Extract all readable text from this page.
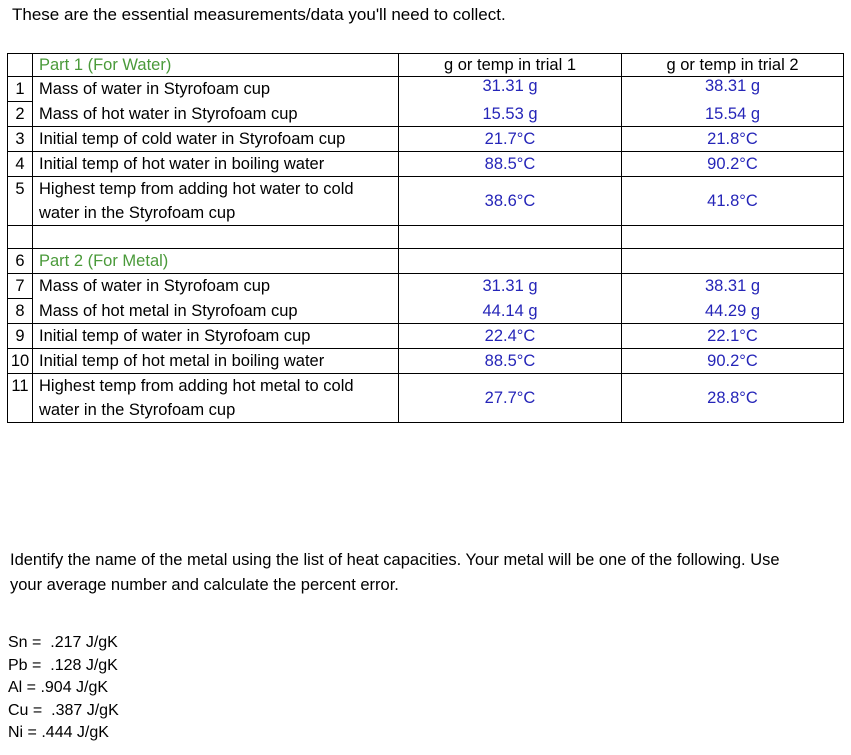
These are the essential measurements/data you'll need to collect.
	Part 1 (For Water)	g or temp in trial 1	g or temp in trial 2
1	Mass of water in Styrofoam cup	31.31 g	38.31 g
2	Mass of hot water in Styrofoam cup	15.53 g	15.54 g
3	Initial temp of cold water in Styrofoam cup	21.7°C	21.8°C
4	Initial temp of hot water in boiling water	88.5°C	90.2°C
5	Highest temp from adding hot water to cold water in the Styrofoam cup	38.6°C	41.8°C

6	Part 2 (For Metal)		
7	Mass of water in Styrofoam cup	31.31 g	38.31 g
8	Mass of hot metal in Styrofoam cup	44.14 g	44.29 g
9	Initial temp of water in Styrofoam cup	22.4°C	22.1°C
10	Initial temp of hot metal in boiling water	88.5°C	90.2°C
11	Highest temp from adding hot metal to cold water in the Styrofoam cup	27.7°C	28.8°C
Identify the name of the metal using the list of heat capacities. Your metal will be one of the following. Use your average number and calculate the percent error.
Sn =  .217 J/gK
Pb =  .128 J/gK
Al = .904 J/gK
Cu =  .387 J/gK
Ni = .444 J/gK
